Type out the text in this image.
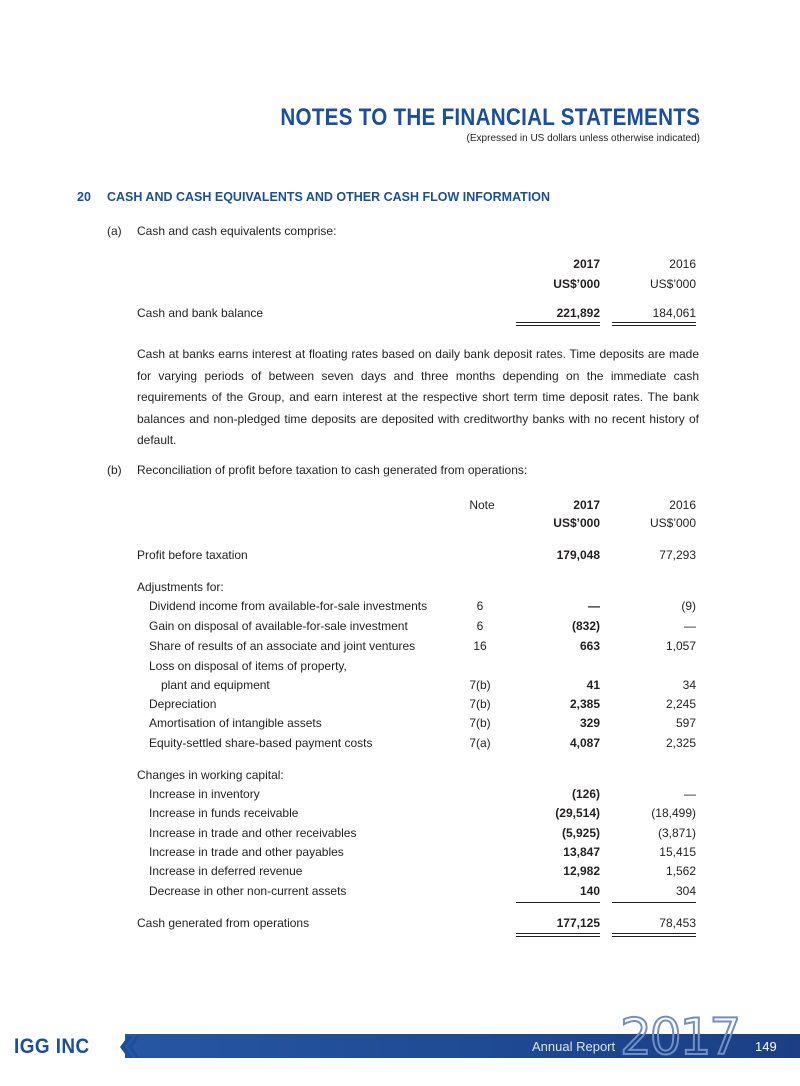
NOTES TO THE FINANCIAL STATEMENTS
(Expressed in US dollars unless otherwise indicated)
20 CASH AND CASH EQUIVALENTS AND OTHER CASH FLOW INFORMATION
(a) Cash and cash equivalents comprise:
2017	2016
US$’000	US$’000
Cash and bank balance	221,892	184,061

Cash at banks earns interest at floating rates based on daily bank deposit rates. Time deposits are made for varying periods of between seven days and three months depending on the immediate cash requirements of the Group, and earn interest at the respective short term time deposit rates. The bank balances and non-pledged time deposits are deposited with creditworthy banks with no recent history of default.

(b) Reconciliation of profit before taxation to cash generated from operations:
Note	2017	2016
US$’000	US$’000
Profit before taxation	179,048	77,293
Adjustments for:
Dividend income from available-for-sale investments	6	—	(9)
Gain on disposal of available-for-sale investment	6	(832)	—
Share of results of an associate and joint ventures	16	663	1,057
Loss on disposal of items of property,
plant and equipment	7(b)	41	34
Depreciation	7(b)	2,385	2,245
Amortisation of intangible assets	7(b)	329	597
Equity-settled share-based payment costs	7(a)	4,087	2,325
Changes in working capital:
Increase in inventory	(126)	—
Increase in funds receivable	(29,514)	(18,499)
Increase in trade and other receivables	(5,925)	(3,871)
Increase in trade and other payables	13,847	15,415
Increase in deferred revenue	12,982	1,562
Decrease in other non-current assets	140	304
Cash generated from operations	177,125	78,453
IGG INC	Annual Report 2017 149
